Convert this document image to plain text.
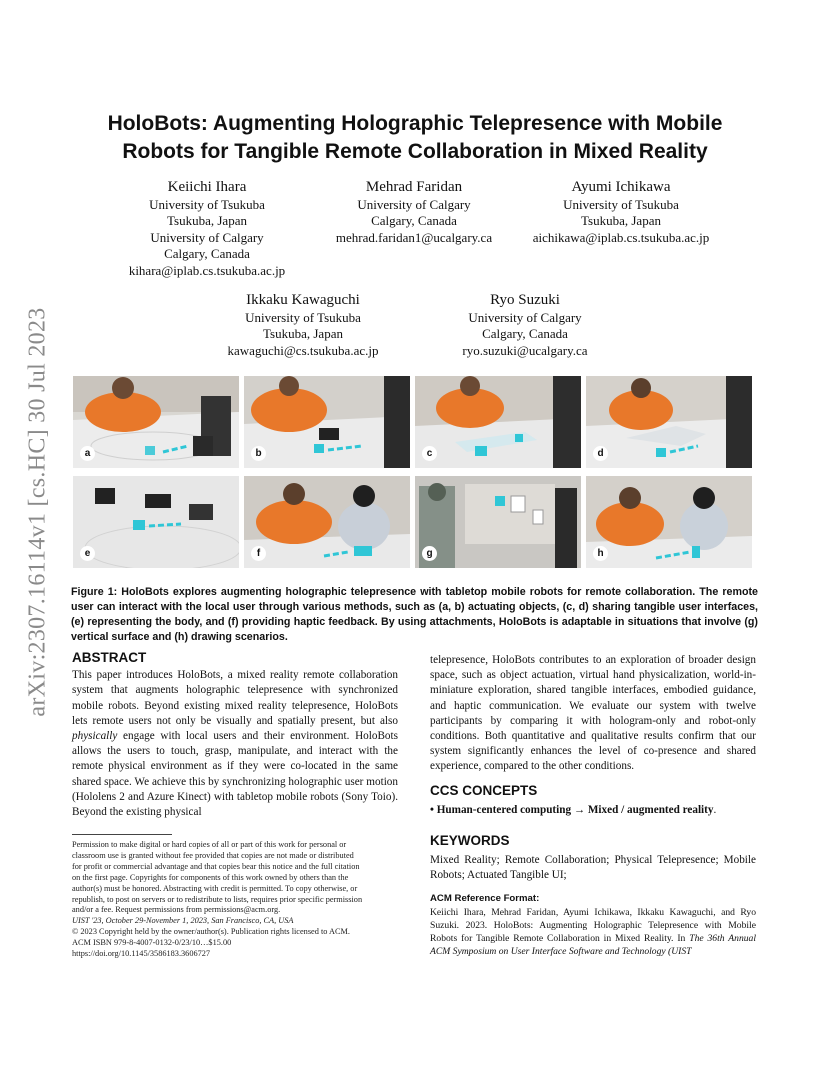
arXiv:2307.16114v1 [cs.HC] 30 Jul 2023
HoloBots: Augmenting Holographic Telepresence with Mobile
Robots for Tangible Remote Collaboration in Mixed Reality
Keiichi Ihara
University of Tsukuba
Tsukuba, Japan
University of Calgary
Calgary, Canada
kihara@iplab.cs.tsukuba.ac.jp
Mehrad Faridan
University of Calgary
Calgary, Canada
mehrad.faridan1@ucalgary.ca
Ayumi Ichikawa
University of Tsukuba
Tsukuba, Japan
aichikawa@iplab.cs.tsukuba.ac.jp
Ikkaku Kawaguchi
University of Tsukuba
Tsukuba, Japan
kawaguchi@cs.tsukuba.ac.jp
Ryo Suzuki
University of Calgary
Calgary, Canada
ryo.suzuki@ucalgary.ca
a	b	c	d
e	f	g	h
Figure 1: HoloBots explores augmenting holographic telepresence with tabletop mobile robots for remote collaboration. The remote user can interact with the local user through various methods, such as (a, b) actuating objects, (c, d) sharing tangible user interfaces, (e) representing the body, and (f) providing haptic feedback. By using attachments, HoloBots is adaptable in situations that involve (g) vertical surface and (h) drawing scenarios.
ABSTRACT

This paper introduces HoloBots, a mixed reality remote collaboration system that augments holographic telepresence with synchronized mobile robots. Beyond existing mixed reality telepresence, HoloBots lets remote users not only be visually and spatially present, but also physically engage with local users and their environment. HoloBots allows the users to touch, grasp, manipulate, and interact with the remote physical environment as if they were co-located in the same shared space. We achieve this by synchronizing holographic user motion (Hololens 2 and Azure Kinect) with tabletop mobile robots (Sony Toio). Beyond the existing physical

Permission to make digital or hard copies of all or part of this work for personal or
classroom use is granted without fee provided that copies are not made or distributed
for profit or commercial advantage and that copies bear this notice and the full citation
on the first page. Copyrights for components of this work owned by others than the
author(s) must be honored. Abstracting with credit is permitted. To copy otherwise, or
republish, to post on servers or to redistribute to lists, requires prior specific permission
and/or a fee. Request permissions from permissions@acm.org.
UIST '23, October 29-November 1, 2023, San Francisco, CA, USA
© 2023 Copyright held by the owner/author(s). Publication rights licensed to ACM.
ACM ISBN 979-8-4007-0132-0/23/10…$15.00
https://doi.org/10.1145/3586183.3606727

telepresence, HoloBots contributes to an exploration of broader design space, such as object actuation, virtual hand physicalization, world-in-miniature exploration, shared tangible interfaces, embodied guidance, and haptic communication. We evaluate our system with twelve participants by comparing it with hologram-only and robot-only conditions. Both quantitative and qualitative results confirm that our system significantly enhances the level of co-presence and shared experience, compared to the other conditions.

CCS CONCEPTS
• Human-centered computing → Mixed / augmented reality.
KEYWORDS
Mixed Reality; Remote Collaboration; Physical Telepresence; Mobile Robots; Actuated Tangible UI;
ACM Reference Format:
Keiichi Ihara, Mehrad Faridan, Ayumi Ichikawa, Ikkaku Kawaguchi, and Ryo Suzuki. 2023. HoloBots: Augmenting Holographic Telepresence with Mobile Robots for Tangible Remote Collaboration in Mixed Reality. In The 36th Annual ACM Symposium on User Interface Software and Technology (UIST
